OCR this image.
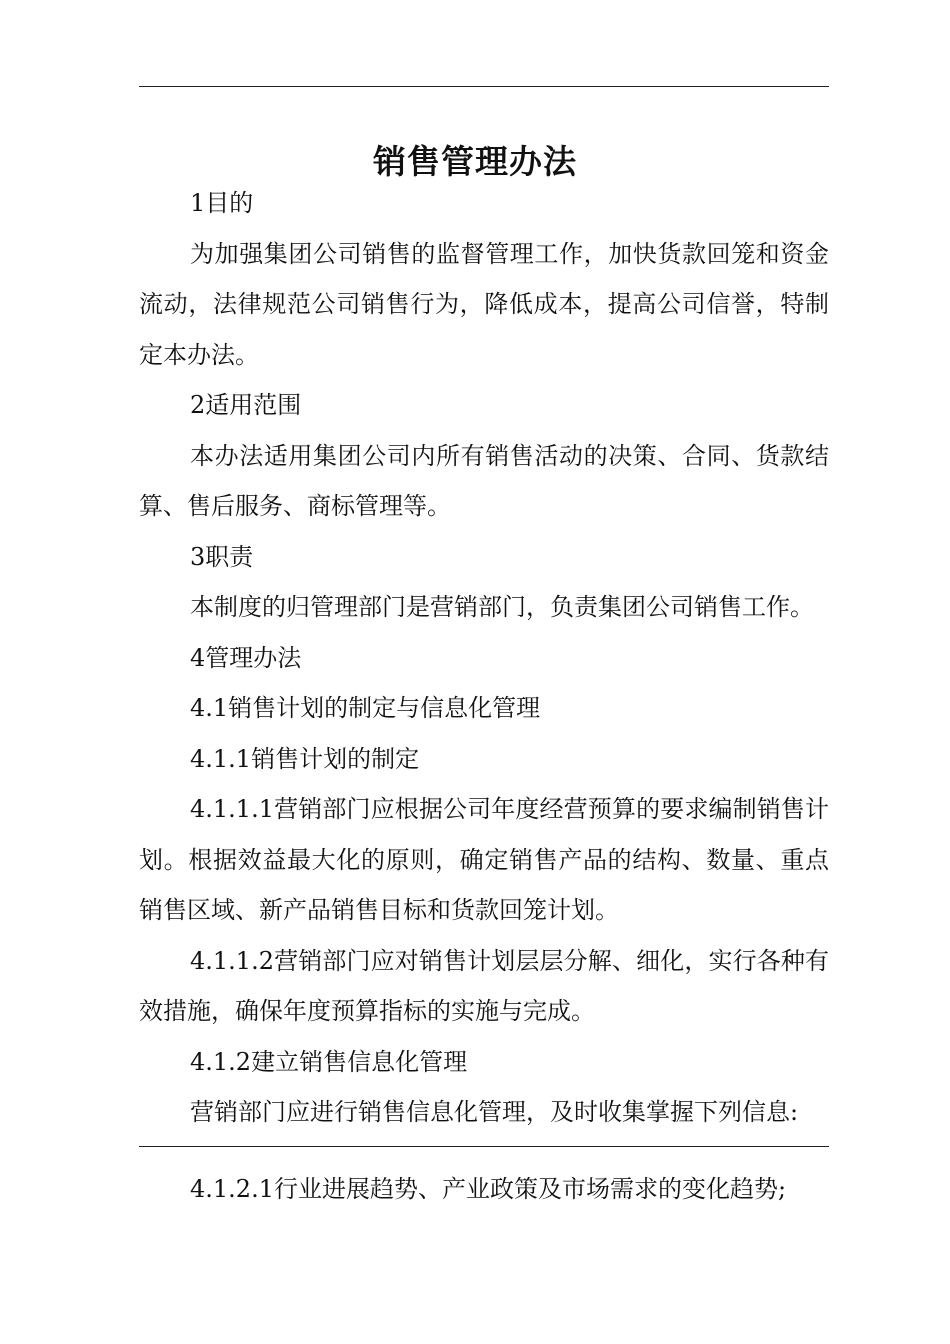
销售管理办法

1目的

为加强集团公司销售的监督管理工作，加快货款回笼和资金流动，法律规范公司销售行为，降低成本，提高公司信誉，特制定本办法。

2适用范围

本办法适用集团公司内所有销售活动的决策、合同、货款结算、售后服务、商标管理等。

3职责

本制度的归管理部门是营销部门，负责集团公司销售工作。

4管理办法

4.1销售计划的制定与信息化管理

4.1.1销售计划的制定

4.1.1.1营销部门应根据公司年度经营预算的要求编制销售计划。根据效益最大化的原则，确定销售产品的结构、数量、重点销售区域、新产品销售目标和货款回笼计划。

4.1.1.2营销部门应对销售计划层层分解、细化，实行各种有效措施，确保年度预算指标的实施与完成。

4.1.2建立销售信息化管理

营销部门应进行销售信息化管理，及时收集掌握下列信息:

4.1.2.1行业进展趋势、产业政策及市场需求的变化趋势;
